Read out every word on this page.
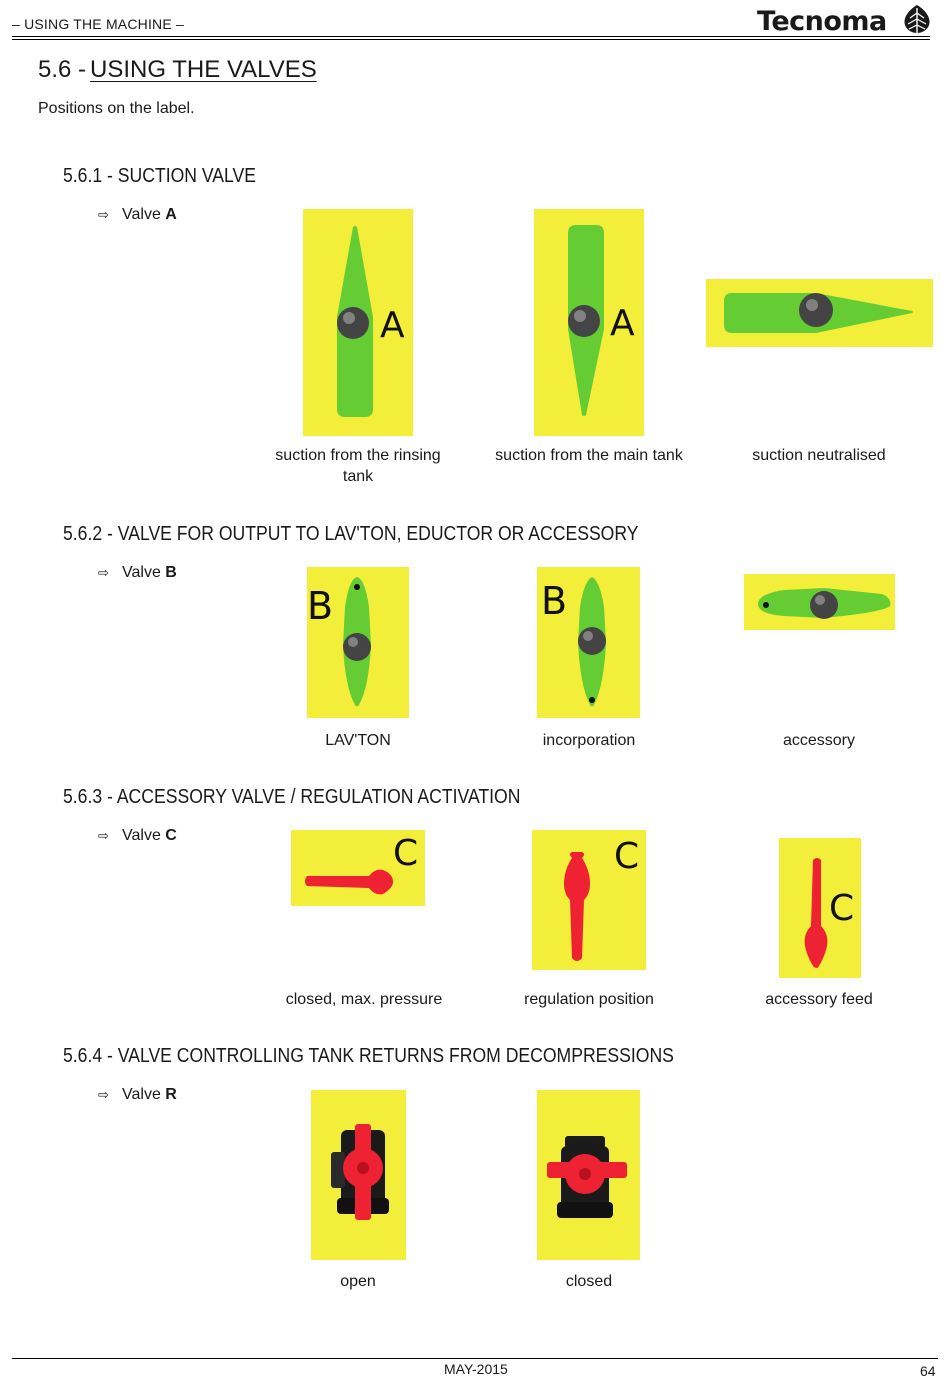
– USING THE MACHINE –	Tecnoma
5.6 - USING THE VALVES
Positions on the label.
5.6.1 - SUCTION VALVE
⇨ Valve A
A	A
suction from the rinsing tank
suction from the main tank	suction neutralised
5.6.2 - VALVE FOR OUTPUT TO LAV'TON, EDUCTOR OR ACCESSORY
⇨ Valve B
B	B
LAV'TON	incorporation	accessory
5.6.3 - ACCESSORY VALVE / REGULATION ACTIVATION
⇨ Valve C	C	C
C
closed, max. pressure	regulation position	accessory feed
5.6.4 - VALVE CONTROLLING TANK RETURNS FROM DECOMPRESSIONS
⇨ Valve R
open	closed
MAY-2015	64
